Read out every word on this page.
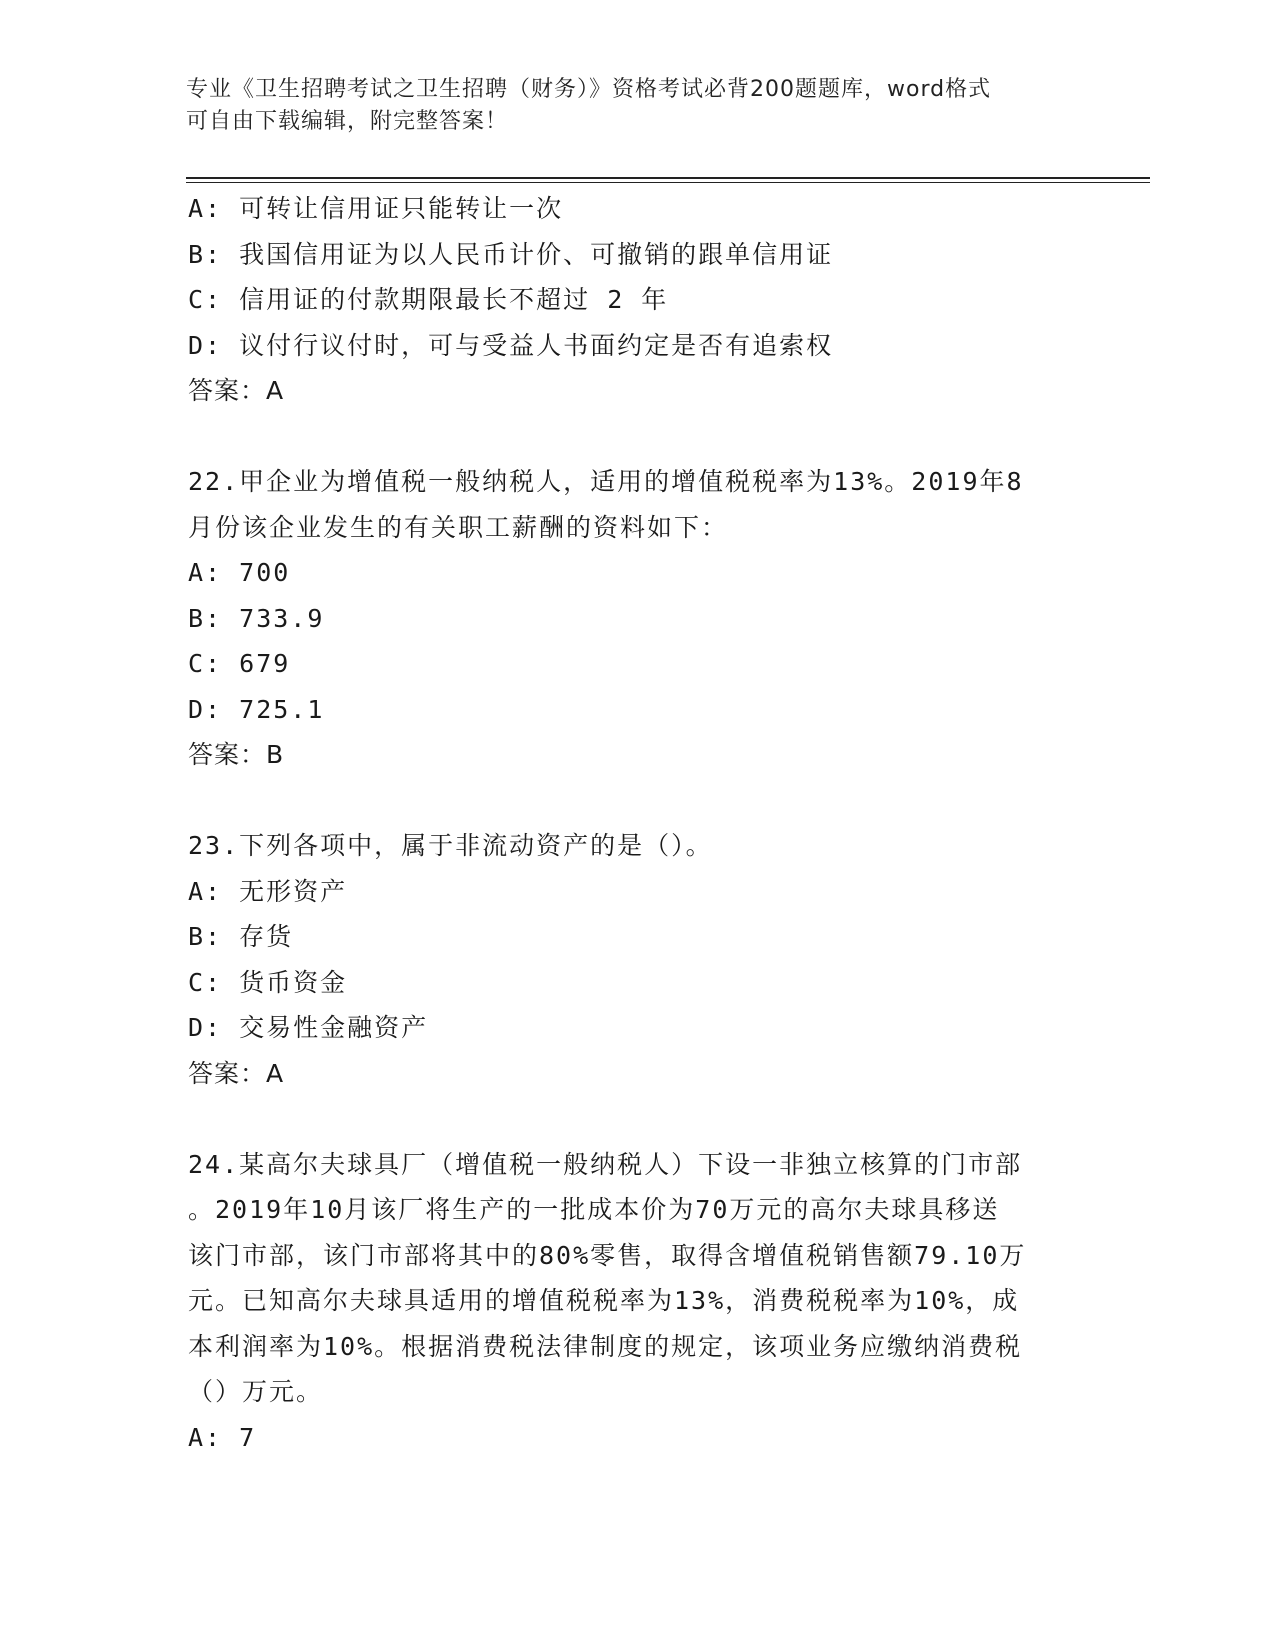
专业《卫生招聘考试之卫生招聘（财务）》资格考试必背200题题库，word格式
可自由下载编辑，附完整答案！
A: 可转让信用证只能转让一次
B: 我国信用证为以人民币计价、可撤销的跟单信用证
C: 信用证的付款期限最长不超过 2 年
D: 议付行议付时，可与受益人书面约定是否有追索权
答案：A
22.甲企业为增值税一般纳税人，适用的增值税税率为13%。2019年8
月份该企业发生的有关职工薪酬的资料如下：
A: 700
B: 733.9
C: 679
D: 725.1
答案：B
23.下列各项中，属于非流动资产的是（）。
A: 无形资产
B: 存货
C: 货币资金
D: 交易性金融资产
答案：A
24.某高尔夫球具厂（增值税一般纳税人）下设一非独立核算的门市部
。2019年10月该厂将生产的一批成本价为70万元的高尔夫球具移送
该门市部，该门市部将其中的80%零售，取得含增值税销售额79.10万
元。已知高尔夫球具适用的增值税税率为13%，消费税税率为10%，成
本利润率为10%。根据消费税法律制度的规定，该项业务应缴纳消费税
（）万元。
A: 7
